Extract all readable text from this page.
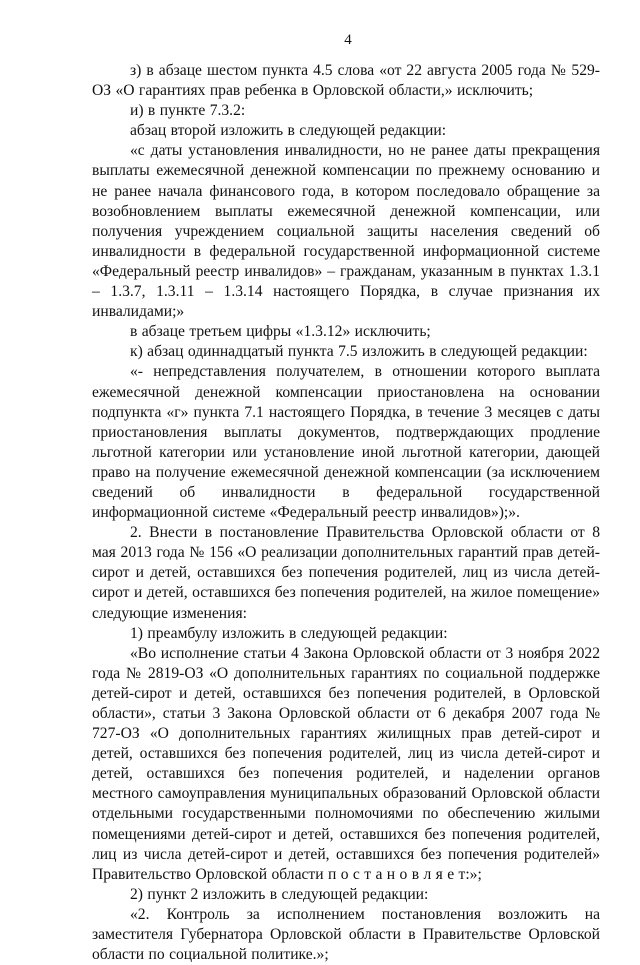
4

з) в абзаце шестом пункта 4.5 слова «от 22 августа 2005 года № 529-ОЗ «О гарантиях прав ребенка в Орловской области,» исключить;

и) в пункте 7.3.2:

абзац второй изложить в следующей редакции:

«с даты установления инвалидности, но не ранее даты прекращения выплаты ежемесячной денежной компенсации по прежнему основанию и не ранее начала финансового года, в котором последовало обращение за возобновлением выплаты ежемесячной денежной компенсации, или получения учреждением социальной защиты населения сведений об инвалидности в федеральной государственной информационной системе «Федеральный реестр инвалидов» – гражданам, указанным в пунктах 1.3.1 – 1.3.7, 1.3.11 – 1.3.14 настоящего Порядка, в случае признания их инвалидами;»

в абзаце третьем цифры «1.3.12» исключить;

к) абзац одиннадцатый пункта 7.5 изложить в следующей редакции:

«- непредставления получателем, в отношении которого выплата ежемесячной денежной компенсации приостановлена на основании подпункта «г» пункта 7.1 настоящего Порядка, в течение 3 месяцев с даты приостановления выплаты документов, подтверждающих продление льготной категории или установление иной льготной категории, дающей право на получение ежемесячной денежной компенсации (за исключением сведений об инвалидности в федеральной государственной информационной системе «Федеральный реестр инвалидов»);».

2. Внести в постановление Правительства Орловской области от 8 мая 2013 года № 156 «О реализации дополнительных гарантий прав детей-сирот и детей, оставшихся без попечения родителей, лиц из числа детей-сирот и детей, оставшихся без попечения родителей, на жилое помещение» следующие изменения:

1) преамбулу изложить в следующей редакции:

«Во исполнение статьи 4 Закона Орловской области от 3 ноября 2022 года № 2819-ОЗ «О дополнительных гарантиях по социальной поддержке детей-сирот и детей, оставшихся без попечения родителей, в Орловской области», статьи 3 Закона Орловской области от 6 декабря 2007 года № 727-ОЗ «О дополнительных гарантиях жилищных прав детей-сирот и детей, оставшихся без попечения родителей, лиц из числа детей-сирот и детей, оставшихся без попечения родителей, и наделении органов местного самоуправления муниципальных образований Орловской области отдельными государственными полномочиями по обеспечению жилыми помещениями детей-сирот и детей, оставшихся без попечения родителей, лиц из числа детей-сирот и детей, оставшихся без попечения родителей» Правительство Орловской области п о с т а н о в л я е т:»;

2) пункт 2 изложить в следующей редакции:

«2. Контроль за исполнением постановления возложить на заместителя Губернатора Орловской области в Правительстве Орловской области по социальной политике.»;
